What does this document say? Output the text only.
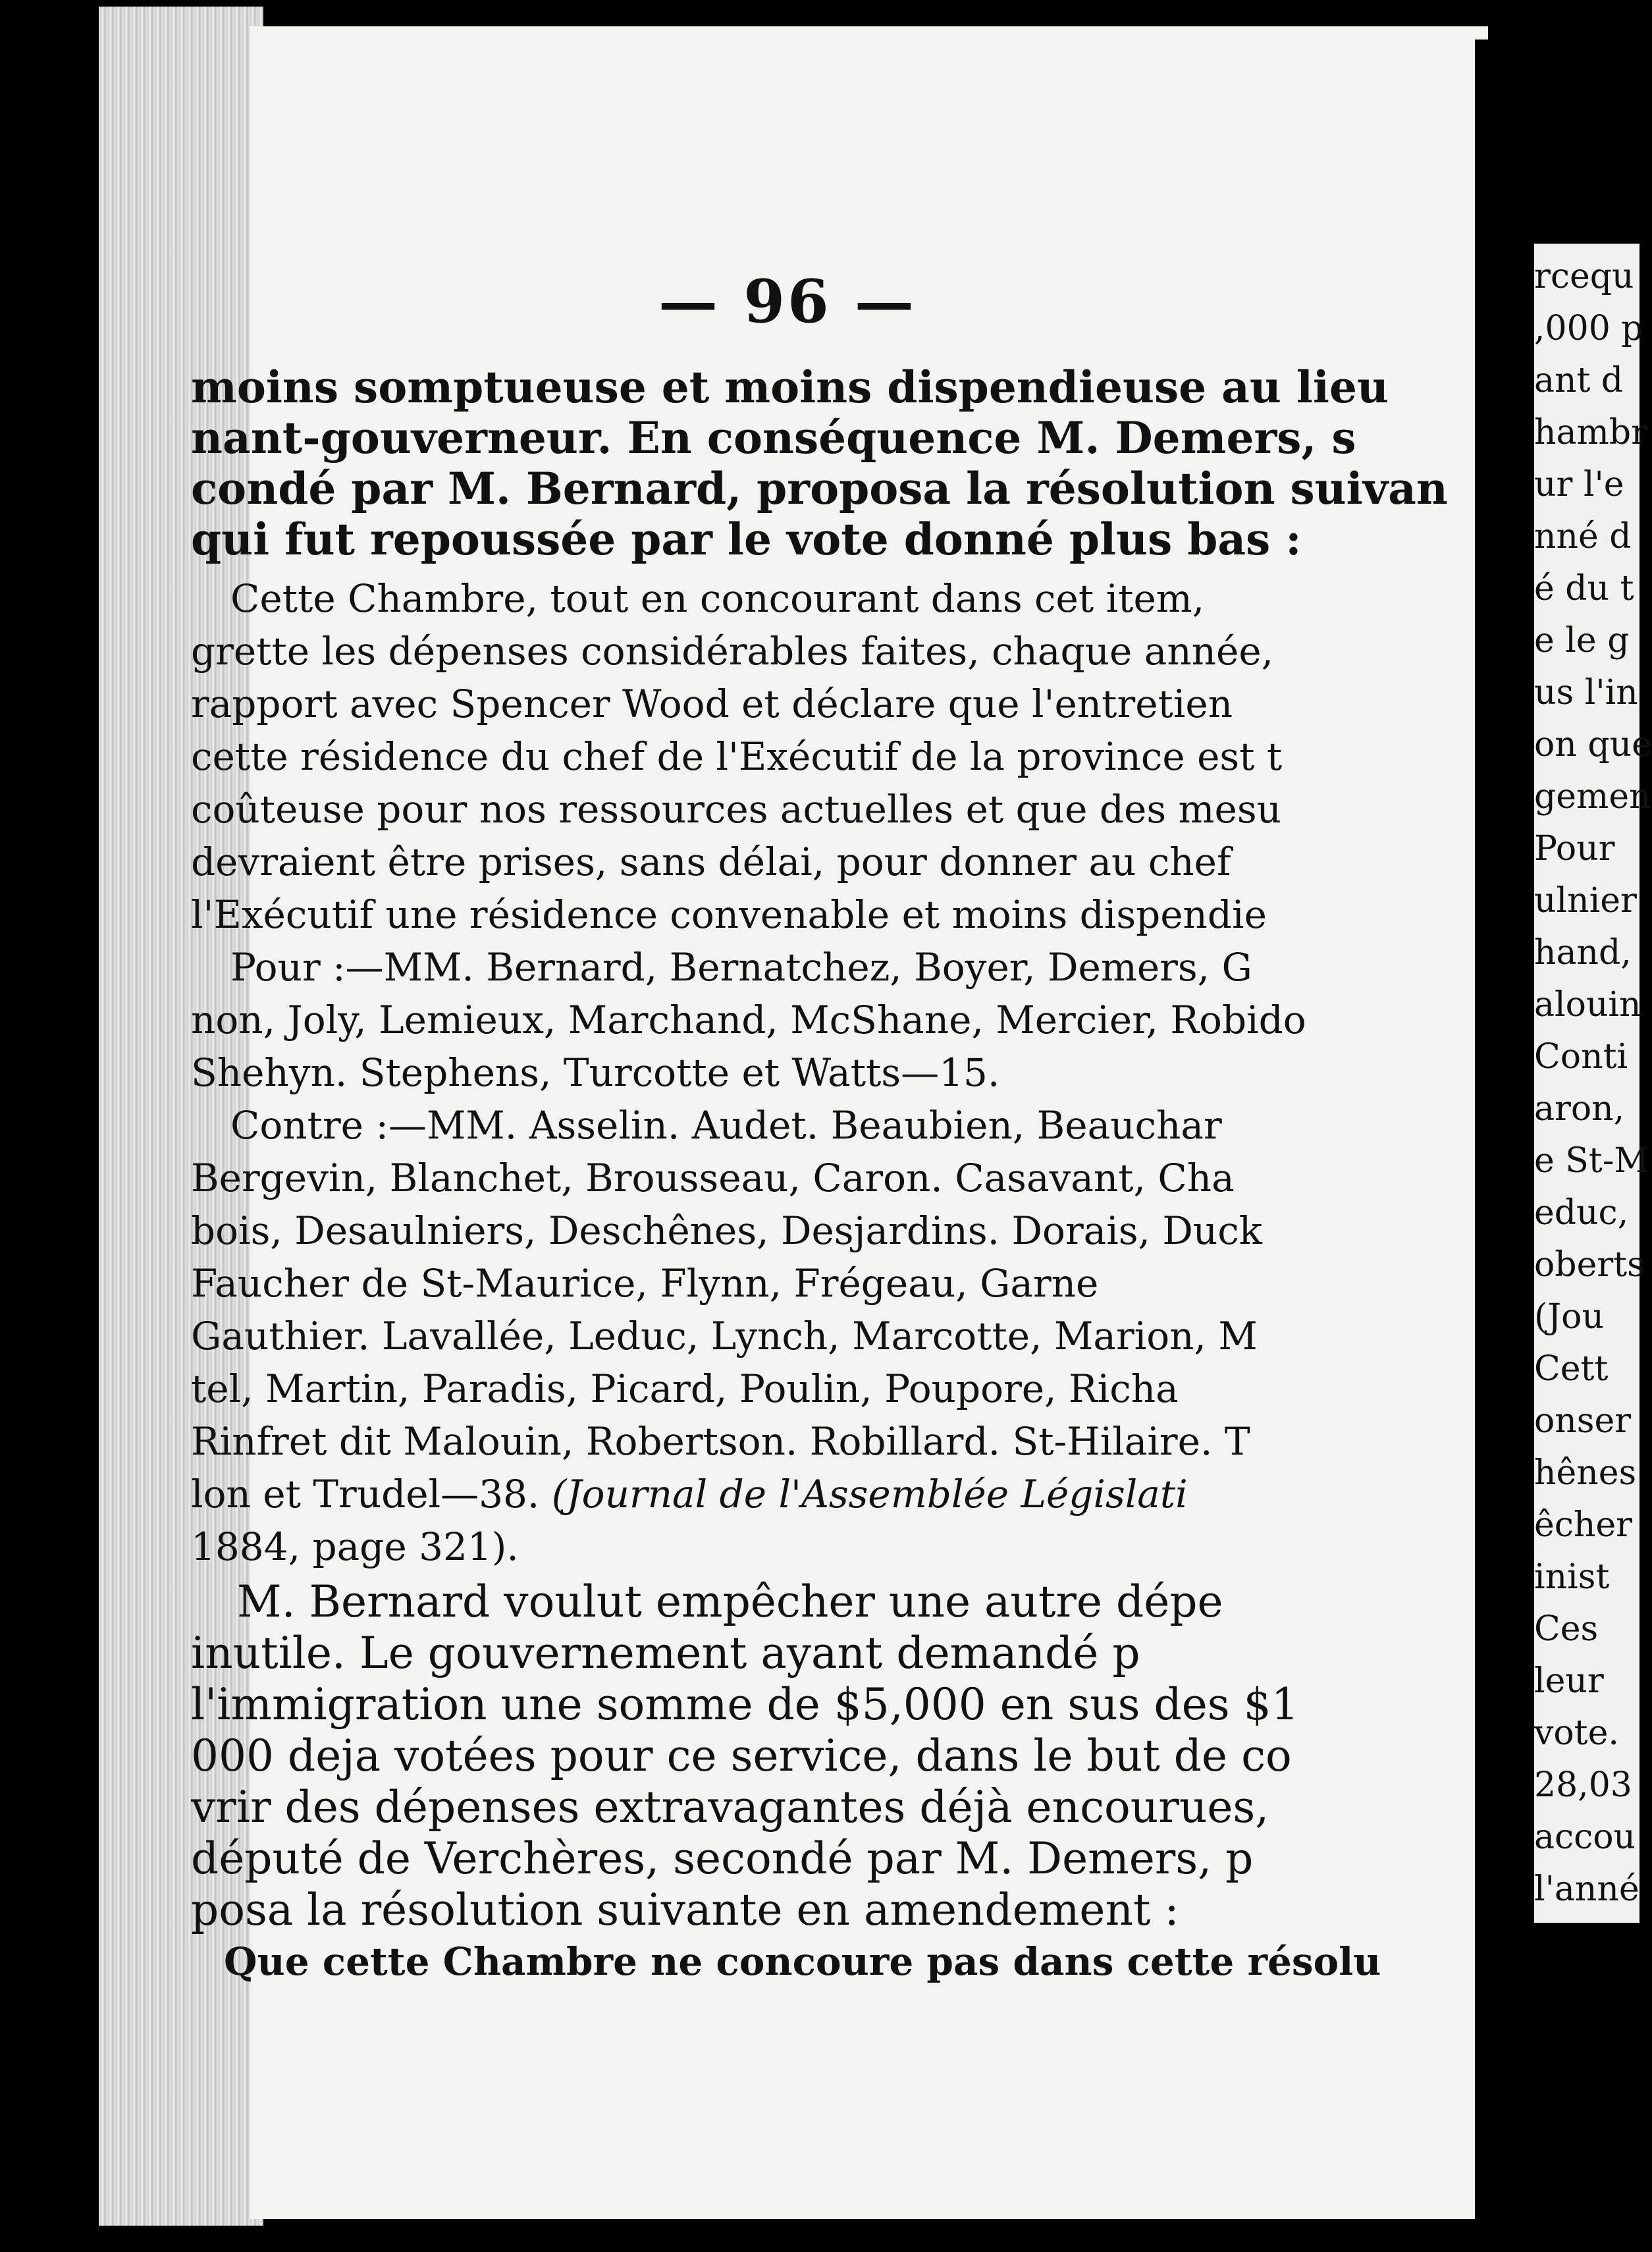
rcequ
,000 p
ant d
hambr
ur l'e
nné d
é du t
e le g
us l'in
on que
gemen
Pour
ulnier
hand,
alouin
Conti
aron,
e St-M
educ,
oberts
(Jou
Cett
onser
hênes
êcher
inist
Ces
leur
vote.
28,03
accou
l'anné
— 96 —
moins somptueuse et moins dispendieuse au lieu
nant-gouverneur. En conséquence M. Demers, s
condé par M. Bernard, proposa la résolution suivan
qui fut repoussée par le vote donné plus bas :
Cette Chambre, tout en concourant dans cet item,
grette les dépenses considérables faites, chaque année,
rapport avec Spencer Wood et déclare que l'entretien
cette résidence du chef de l'Exécutif de la province est t
coûteuse pour nos ressources actuelles et que des mesu
devraient être prises, sans délai, pour donner au chef
l'Exécutif une résidence convenable et moins dispendie
Pour :—MM. Bernard, Bernatchez, Boyer, Demers, G
non, Joly, Lemieux, Marchand, McShane, Mercier, Robido
Shehyn. Stephens, Turcotte et Watts—15.
Contre :—MM. Asselin. Audet. Beaubien, Beauchar
Bergevin, Blanchet, Brousseau, Caron. Casavant, Cha
bois, Desaulniers, Deschênes, Desjardins. Dorais, Duck
Faucher de St-Maurice, Flynn, Frégeau, Garne
Gauthier. Lavallée, Leduc, Lynch, Marcotte, Marion, M
tel, Martin, Paradis, Picard, Poulin, Poupore, Richa
Rinfret dit Malouin, Robertson. Robillard. St-Hilaire. T
lon et Trudel—38. (Journal de l'Assemblée Législati
1884, page 321).
M. Bernard voulut empêcher une autre dépe
inutile. Le gouvernement ayant demandé p
l'immigration une somme de $5,000 en sus des $1
000 deja votées pour ce service, dans le but de co
vrir des dépenses extravagantes déjà encourues,
député de Verchères, secondé par M. Demers, p
posa la résolution suivante en amendement :
Que cette Chambre ne concoure pas dans cette résolu
